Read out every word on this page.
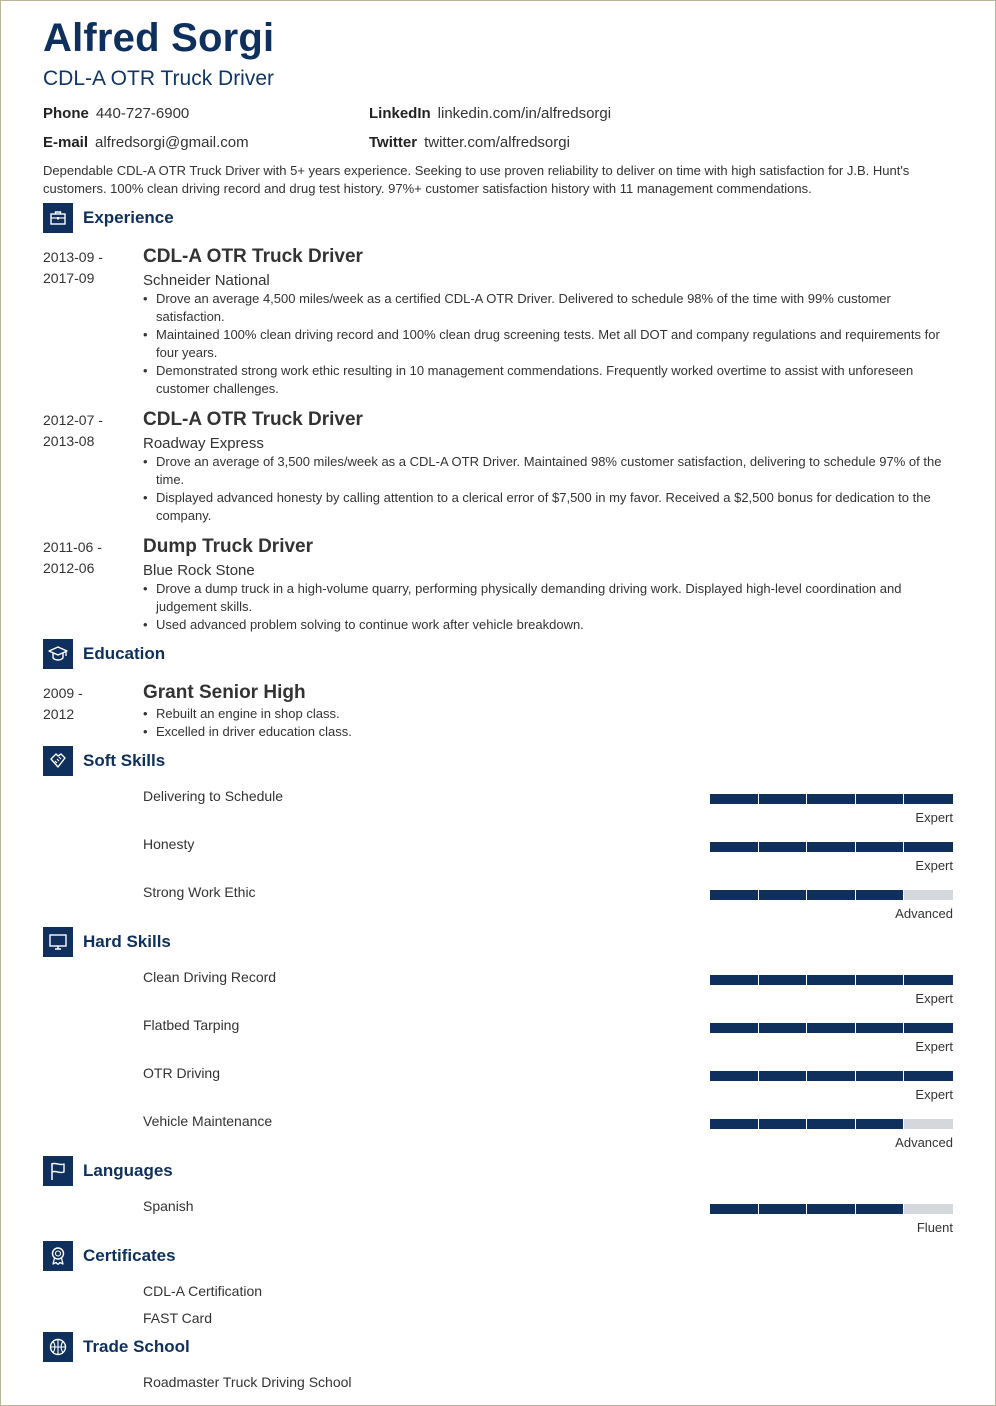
Alfred Sorgi
CDL-A OTR Truck Driver
Phone 440-727-6900	LinkedIn linkedin.com/in/alfredsorgi
E-mail alfredsorgi@gmail.com	Twitter twitter.com/alfredsorgi
Dependable CDL-A OTR Truck Driver with 5+ years experience. Seeking to use proven reliability to deliver on time with high satisfaction for J.B. Hunt's customers. 100% clean driving record and drug test history. 97%+ customer satisfaction history with 11 management commendations.
Experience
2013-09 -
2017-09
CDL-A OTR Truck Driver
Schneider National
• Drove an average 4,500 miles/week as a certified CDL-A OTR Driver. Delivered to schedule 98% of the time with 99% customer satisfaction.
• Maintained 100% clean driving record and 100% clean drug screening tests. Met all DOT and company regulations and requirements for four years.
• Demonstrated strong work ethic resulting in 10 management commendations. Frequently worked overtime to assist with unforeseen customer challenges.
2012-07 -
2013-08
CDL-A OTR Truck Driver
Roadway Express
• Drove an average of 3,500 miles/week as a CDL-A OTR Driver. Maintained 98% customer satisfaction, delivering to schedule 97% of the time.
• Displayed advanced honesty by calling attention to a clerical error of $7,500 in my favor. Received a $2,500 bonus for dedication to the company.
2011-06 -
2012-06
Dump Truck Driver
Blue Rock Stone
• Drove a dump truck in a high-volume quarry, performing physically demanding driving work. Displayed high-level coordination and judgement skills.
• Used advanced problem solving to continue work after vehicle breakdown.
Education
2009 -
2012
Grant Senior High
• Rebuilt an engine in shop class.
• Excelled in driver education class.
Soft Skills
Delivering to Schedule
Expert
Honesty
Expert
Strong Work Ethic
Advanced
Hard Skills
Clean Driving Record
Expert
Flatbed Tarping
Expert
OTR Driving
Expert
Vehicle Maintenance
Advanced
Languages
Spanish
Fluent
Certificates
CDL-A Certification
FAST Card
Trade School
Roadmaster Truck Driving School
